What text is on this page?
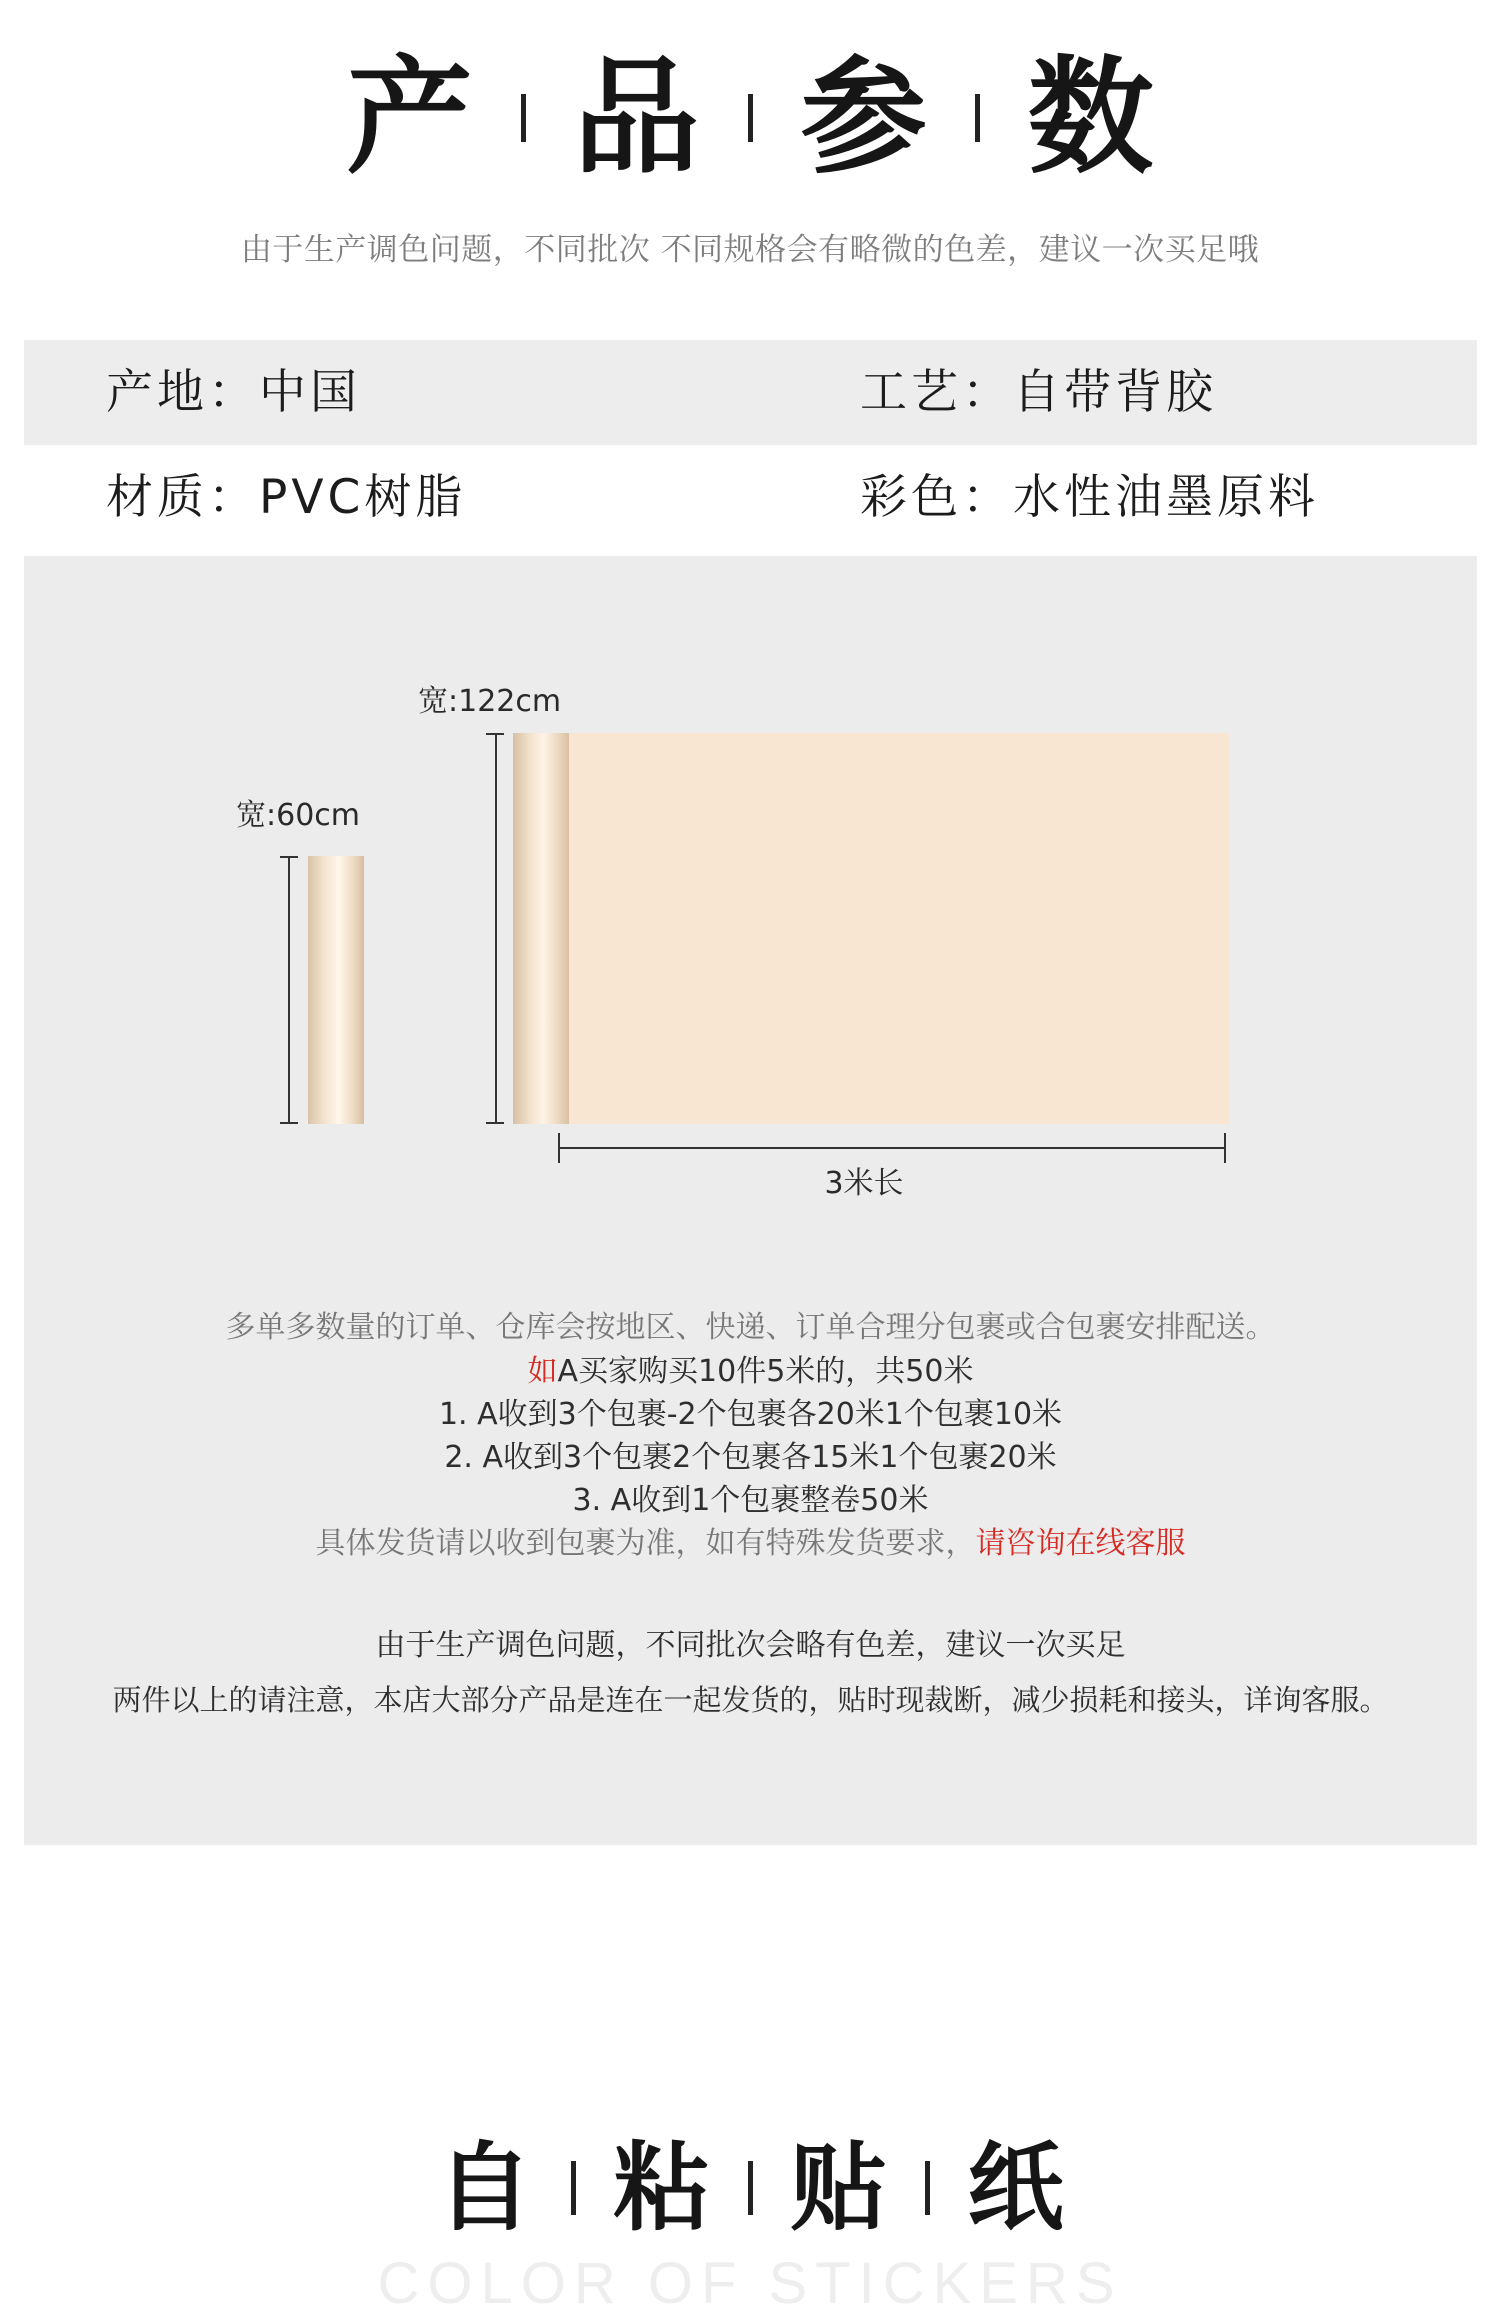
产 品 参 数
由于生产调色问题，不同批次 不同规格会有略微的色差，建议一次买足哦
产地：中国	工艺：自带背胶
材质：PVC树脂	彩色：水性油墨原料
宽:60cm
宽:122cm
3米长
多单多数量的订单、仓库会按地区、快递、订单合理分包裹或合包裹安排配送。
如A买家购买10件5米的，共50米
1. A收到3个包裹-2个包裹各20米1个包裹10米
2. A收到3个包裹2个包裹各15米1个包裹20米
3. A收到1个包裹整卷50米
具体发货请以收到包裹为准，如有特殊发货要求，请咨询在线客服
由于生产调色问题，不同批次会略有色差，建议一次买足
两件以上的请注意，本店大部分产品是连在一起发货的，贴时现裁断，减少损耗和接头，详询客服。
自 粘 贴 纸
COLOR OF STICKERS
